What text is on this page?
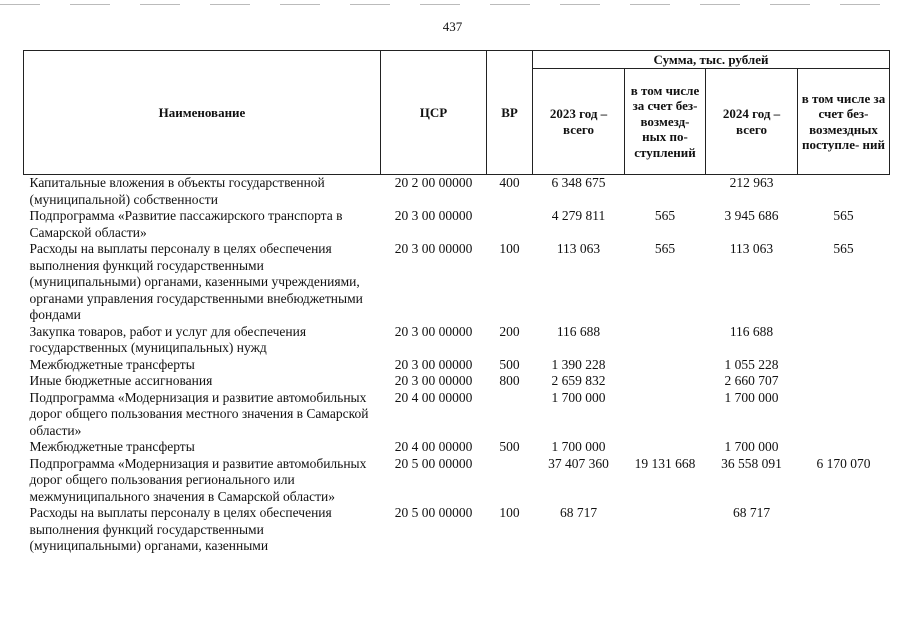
437
Наименование	ЦСР	ВР	Сумма, тыс. рублей			
			2023 год – всего	в том числе за счет без- возмезд- ных по- ступлений	2024 год – всего	в том числе за счет без- возмездных поступле- ний
Капитальные вложения в объекты государственной (муниципальной) собственности	20 2 00 00000	400	6 348 675		212 963	
Подпрограмма «Развитие пассажирского транспорта в Самарской области»	20 3 00 00000		4 279 811	565	3 945 686	565
Расходы на выплаты персоналу в целях обеспечения выполнения функций государственными (муниципальными) органами, казенными учреждениями, органами управления государственными внебюджетными фондами	20 3 00 00000	100	113 063	565	113 063	565
Закупка товаров, работ и услуг для обеспечения государственных (муниципальных) нужд	20 3 00 00000	200	116 688		116 688	
Межбюджетные трансферты	20 3 00 00000	500	1 390 228		1 055 228	
Иные бюджетные ассигнования	20 3 00 00000	800	2 659 832		2 660 707	
Подпрограмма «Модернизация и развитие автомобильных дорог общего пользования местного значения в Самарской области»	20 4 00 00000		1 700 000		1 700 000	
Межбюджетные трансферты	20 4 00 00000	500	1 700 000		1 700 000	
Подпрограмма «Модернизация и развитие автомобильных дорог общего пользования регионального или межмуниципального значения в Самарской области»	20 5 00 00000		37 407 360	19 131 668	36 558 091	6 170 070
Расходы на выплаты персоналу в целях обеспечения выполнения функций государственными (муниципальными) органами, казенными	20 5 00 00000	100	68 717		68 717	
